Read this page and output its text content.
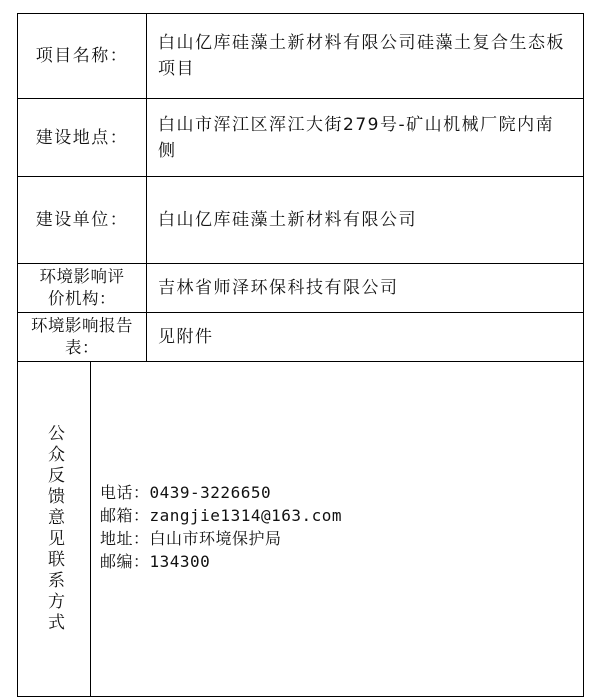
项目名称：
白山亿库硅藻土新材料有限公司硅藻土复合生态板项目
建设地点：
白山市浑江区浑江大街279号-矿山机械厂院内南侧
建设单位：	白山亿库硅藻土新材料有限公司
环境影响评价机构：
吉林省师泽环保科技有限公司
环境影响报告表：
见附件
公众反馈意见联系方式 电话：0439-3226650
邮箱：zangjie1314@163.com
地址：白山市环境保护局
邮编：134300
